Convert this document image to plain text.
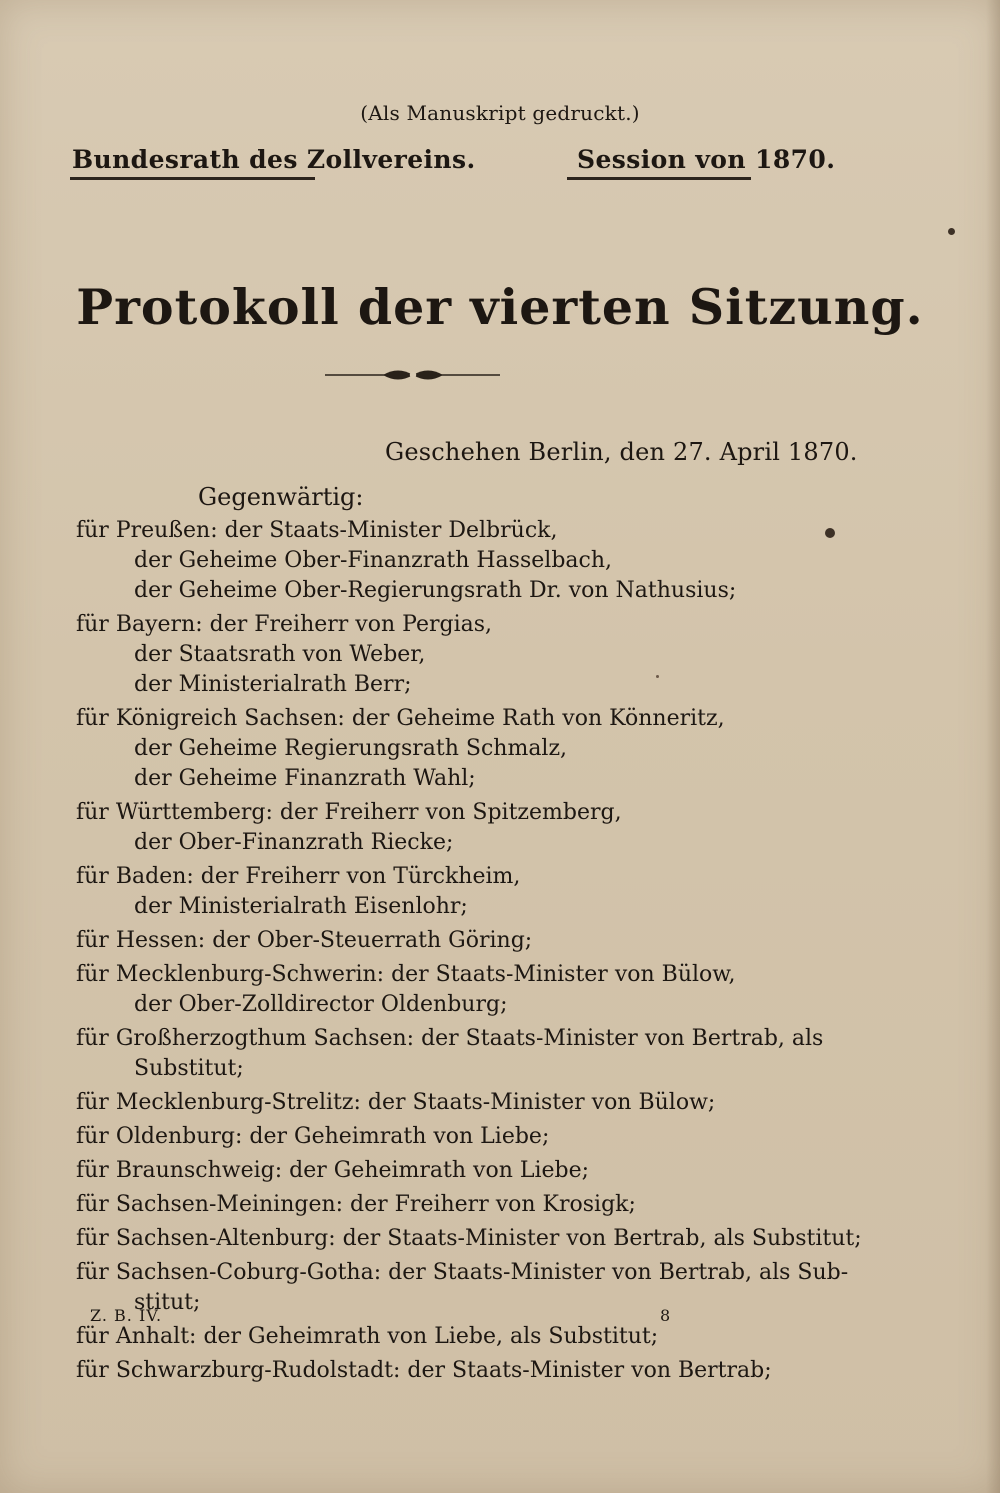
(Als Manuskript gedruckt.)
Bundesrath des Zollvereins.	Session von 1870.
Protokoll der vierten Sitzung.
Geschehen Berlin, den 27. April 1870.
Gegenwärtig:
für Preußen: der Staats-Minister Delbrück,
der Geheime Ober-Finanzrath Hasselbach,
der Geheime Ober-Regierungsrath Dr. von Nathusius;
für Bayern: der Freiherr von Pergias,
der Staatsrath von Weber,
der Ministerialrath Berr;
für Königreich Sachsen: der Geheime Rath von Könneritz,
der Geheime Regierungsrath Schmalz,
der Geheime Finanzrath Wahl;
für Württemberg: der Freiherr von Spitzemberg,
der Ober-Finanzrath Riecke;
für Baden: der Freiherr von Türckheim,
der Ministerialrath Eisenlohr;
für Hessen: der Ober-Steuerrath Göring;
für Mecklenburg-Schwerin: der Staats-Minister von Bülow,
der Ober-Zolldirector Oldenburg;
für Großherzogthum Sachsen: der Staats-Minister von Bertrab, als
Substitut;
für Mecklenburg-Strelitz: der Staats-Minister von Bülow;
für Oldenburg: der Geheimrath von Liebe;
für Braunschweig: der Geheimrath von Liebe;
für Sachsen-Meiningen: der Freiherr von Krosigk;
für Sachsen-Altenburg: der Staats-Minister von Bertrab, als Substitut;
für Sachsen-Coburg-Gotha: der Staats-Minister von Bertrab, als Sub-
stitut;
für Anhalt: der Geheimrath von Liebe, als Substitut;
für Schwarzburg-Rudolstadt: der Staats-Minister von Bertrab;
Z. B. IV.	8
